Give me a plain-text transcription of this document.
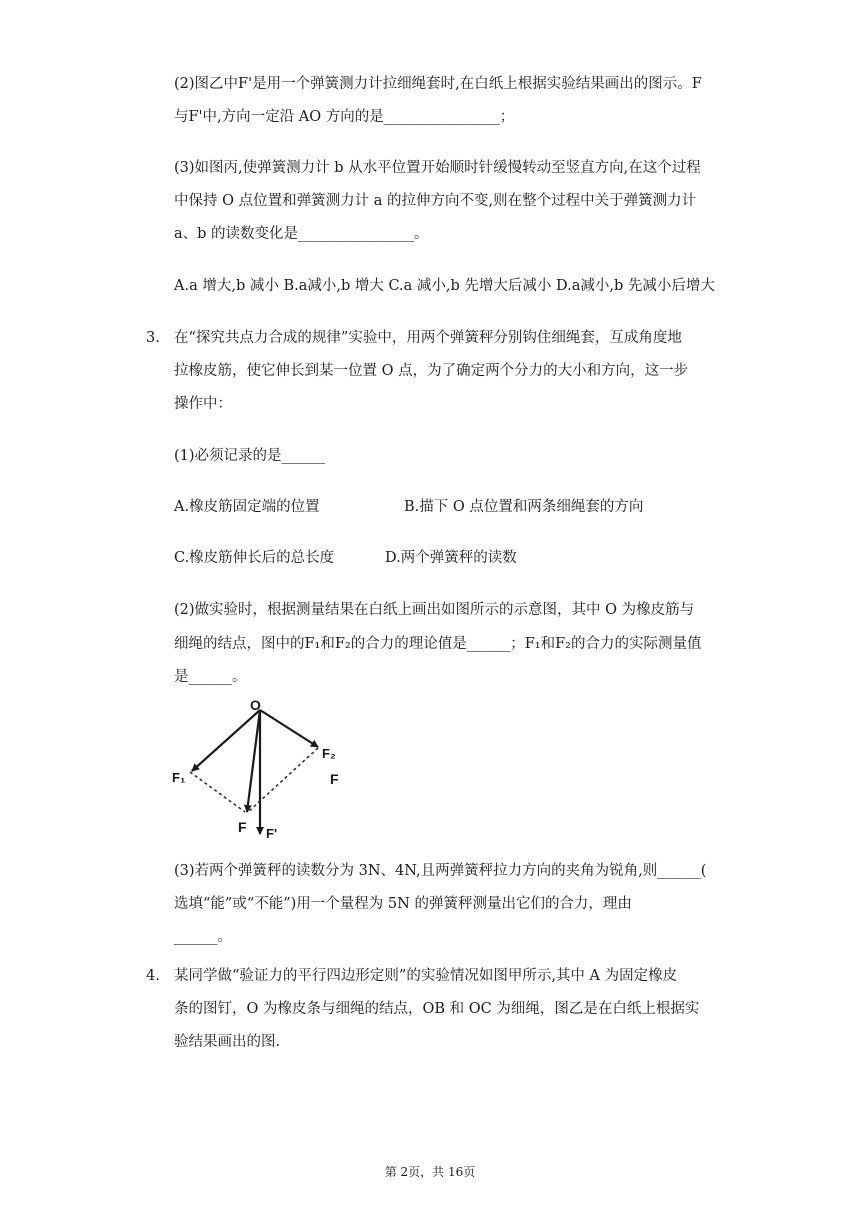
(2)图乙中F'是用一个弹簧测力计拉细绳套时,在白纸上根据实验结果画出的图示。F
与F'中,方向一定沿 AO 方向的是________________；
(3)如图丙,使弹簧测力计 b 从水平位置开始顺时针缓慢转动至竖直方向,在这个过程
中保持 O 点位置和弹簧测力计 a 的拉伸方向不变,则在整个过程中关于弹簧测力计
a、b 的读数变化是________________。
A.a 增大,b 减小 B.a减小,b 增大 C.a 减小,b 先增大后减小 D.a减小,b 先减小后增大
3. 在“探究共点力合成的规律”实验中，用两个弹簧秤分别钩住细绳套，互成角度地
拉橡皮筋，使它伸长到某一位置 O 点，为了确定两个分力的大小和方向，这一步
操作中：
(1)必须记录的是______
A.橡皮筋固定端的位置	B.描下 O 点位置和两条细绳套的方向
C.橡皮筋伸长后的总长度	D.两个弹簧秤的读数
(2)做实验时，根据测量结果在白纸上画出如图所示的示意图，其中 O 为橡皮筋与
细绳的结点，图中的F₁和F₂的合力的理论值是______；F₁和F₂的合力的实际测量值
是______。
O
F₁
F₂
F
F F'
(3)若两个弹簧秤的读数分为 3N、4N,且两弹簧秤拉力方向的夹角为锐角,则______(
选填“能”或“不能”)用一个量程为 5N 的弹簧秤测量出它们的合力，理由
______。
4. 某同学做“验证力的平行四边形定则”的实验情况如图甲所示,其中 A 为固定橡皮
条的图钉，O 为橡皮条与细绳的结点，OB 和 OC 为细绳，图乙是在白纸上根据实
验结果画出的图.
第 2页，共 16页
